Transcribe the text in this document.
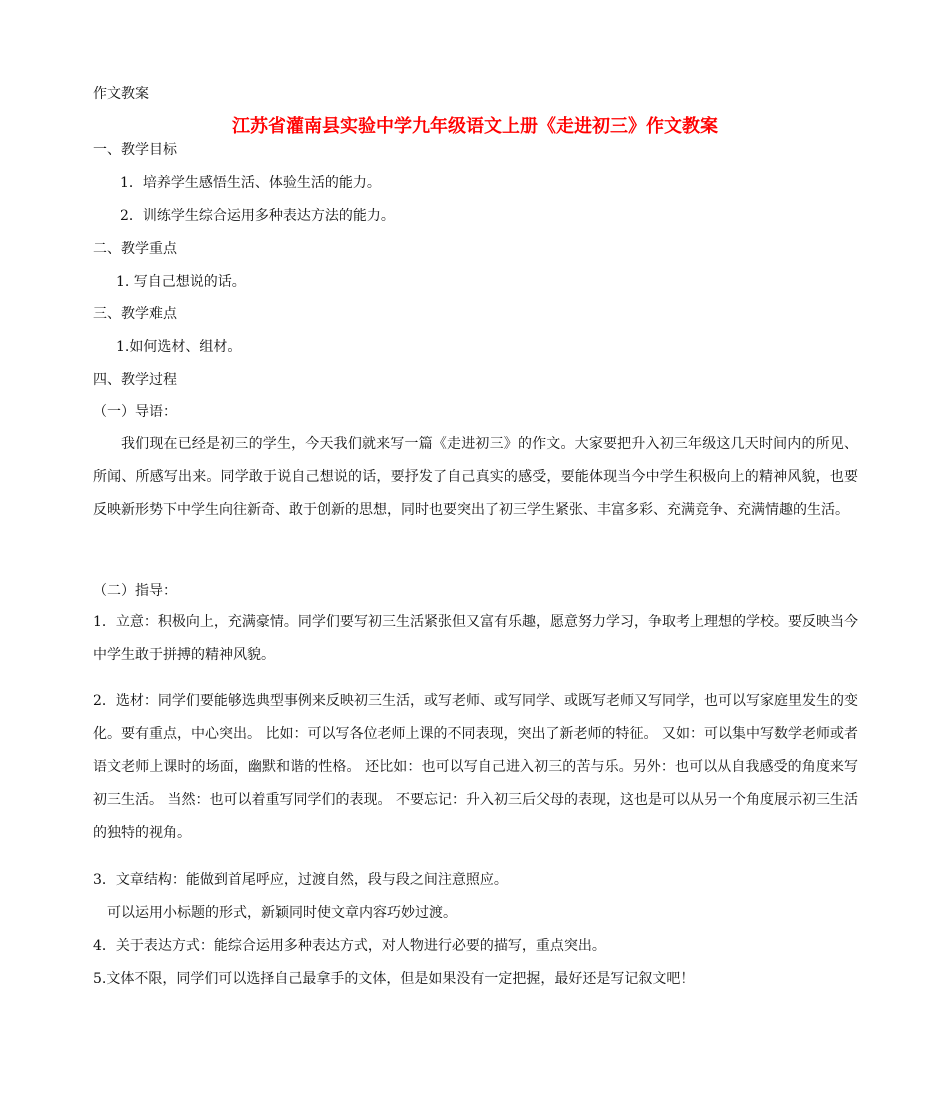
作文教案
江苏省灌南县实验中学九年级语文上册《走进初三》作文教案
一、教学目标
1．培养学生感悟生活、体验生活的能力。
2．训练学生综合运用多种表达方法的能力。
二、教学重点
1. 写自己想说的话。
三、教学难点
1.如何选材、组材。
四、教学过程
（一）导语：
我们现在已经是初三的学生，今天我们就来写一篇《走进初三》的作文。大家要把升入初三年级这几天时间内的所见、所闻、所感写出来。同学敢于说自己想说的话，要抒发了自己真实的感受，要能体现当今中学生积极向上的精神风貌，也要反映新形势下中学生向往新奇、敢于创新的思想，同时也要突出了初三学生紧张、丰富多彩、充满竞争、充满情趣的生活。
（二）指导：
1．立意：积极向上，充满豪情。同学们要写初三生活紧张但又富有乐趣，愿意努力学习，争取考上理想的学校。要反映当今中学生敢于拼搏的精神风貌。
2．选材：同学们要能够选典型事例来反映初三生活，或写老师、或写同学、或既写老师又写同学，也可以写家庭里发生的变化。要有重点，中心突出。 比如：可以写各位老师上课的不同表现，突出了新老师的特征。 又如：可以集中写数学老师或者语文老师上课时的场面，幽默和谐的性格。 还比如：也可以写自己进入初三的苦与乐。另外：也可以从自我感受的角度来写初三生活。 当然：也可以着重写同学们的表现。 不要忘记：升入初三后父母的表现，这也是可以从另一个角度展示初三生活的独特的视角。
3．文章结构：能做到首尾呼应，过渡自然，段与段之间注意照应。
可以运用小标题的形式，新颖同时使文章内容巧妙过渡。
4．关于表达方式：能综合运用多种表达方式，对人物进行必要的描写，重点突出。
5.文体不限，同学们可以选择自己最拿手的文体，但是如果没有一定把握，最好还是写记叙文吧！
